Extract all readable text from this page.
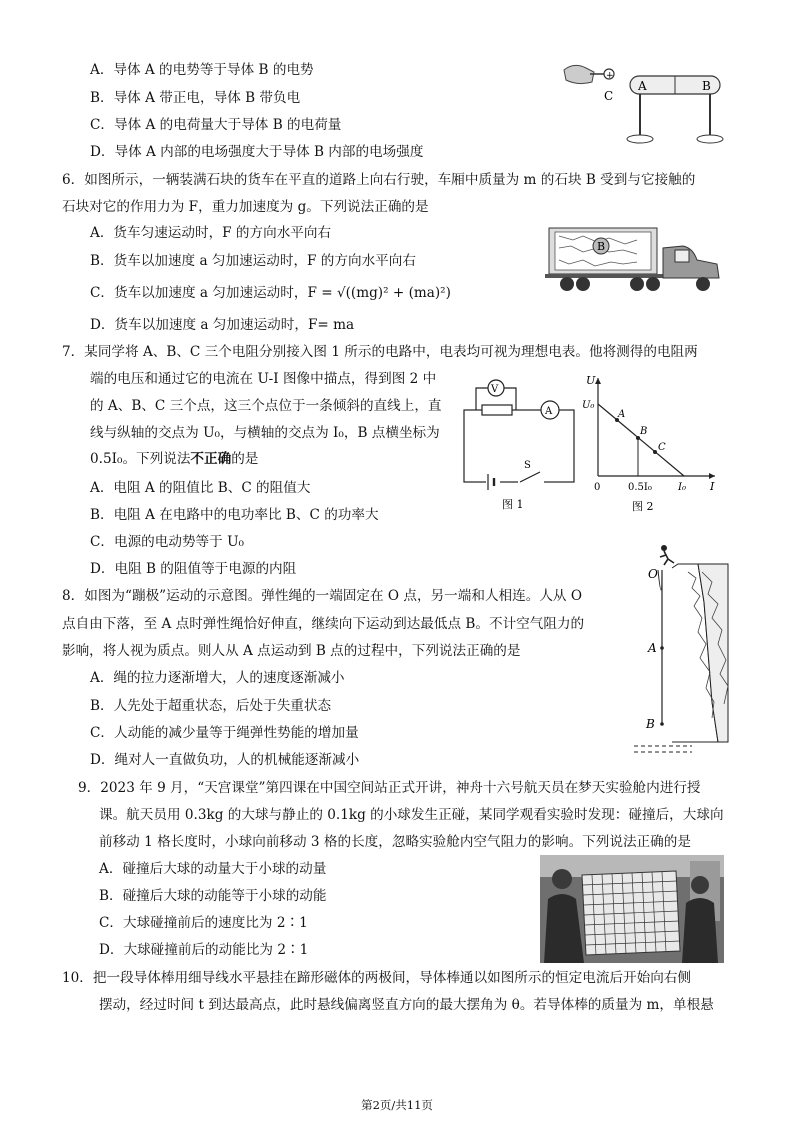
A．导体 A 的电势等于导体 B 的电势
B．导体 A 带正电，导体 B 带负电
C．导体 A 的电荷量大于导体 B 的电荷量
D．导体 A 内部的电场强度大于导体 B 内部的电场强度
+
C
A	B
6．如图所示，一辆装满石块的货车在平直的道路上向右行驶，车厢中质量为 m 的石块 B 受到与它接触的
石块对它的作用力为 F，重力加速度为 g。下列说法正确的是
A．货车匀速运动时，F 的方向水平向右
B．货车以加速度 a 匀加速运动时，F 的方向水平向右
C．货车以加速度 a 匀加速运动时，F = √((mg)² + (ma)²)
D．货车以加速度 a 匀加速运动时，F= ma
B
7．某同学将 A、B、C 三个电阻分别接入图 1 所示的电路中，电表均可视为理想电表。他将测得的电阻两
端的电压和通过它的电流在 U-I 图像中描点，得到图 2 中
的 A、B、C 三个点，这三个点位于一条倾斜的直线上，直
线与纵轴的交点为 U₀，与横轴的交点为 I₀，B 点横坐标为
0.5I₀。下列说法不正确的是
A．电阻 A 的阻值比 B、C 的阻值大
B．电阻 A 在电路中的电功率比 B、C 的功率大
C．电源的电动势等于 U₀
D．电阻 B 的阻值等于电源的内阻
V
A
S
图 1
U
U₀
A
B
C
0	0.5I₀	I₀ I
图 2
8．如图为“蹦极”运动的示意图。弹性绳的一端固定在 O 点，另一端和人相连。人从 O
点自由下落，至 A 点时弹性绳恰好伸直，继续向下运动到达最低点 B。不计空气阻力的
影响，将人视为质点。则人从 A 点运动到 B 点的过程中，下列说法正确的是
A．绳的拉力逐渐增大，人的速度逐渐减小
B．人先处于超重状态，后处于失重状态
C．人动能的减少量等于绳弹性势能的增加量
D．绳对人一直做负功，人的机械能逐渐减小
O
A
B
9．2023 年 9 月，“天宫课堂”第四课在中国空间站正式开讲，神舟十六号航天员在梦天实验舱内进行授
课。航天员用 0.3kg 的大球与静止的 0.1kg 的小球发生正碰，某同学观看实验时发现：碰撞后，大球向
前移动 1 格长度时，小球向前移动 3 格的长度，忽略实验舱内空气阻力的影响。下列说法正确的是
A．碰撞后大球的动量大于小球的动量
B．碰撞后大球的动能等于小球的动能
C．大球碰撞前后的速度比为 2∶1
D．大球碰撞前后的动能比为 2∶1
10．把一段导体棒用细导线水平悬挂在蹄形磁体的两极间，导体棒通以如图所示的恒定电流后开始向右侧
摆动，经过时间 t 到达最高点，此时悬线偏离竖直方向的最大摆角为 θ。若导体棒的质量为 m，单根悬
第2页/共11页
